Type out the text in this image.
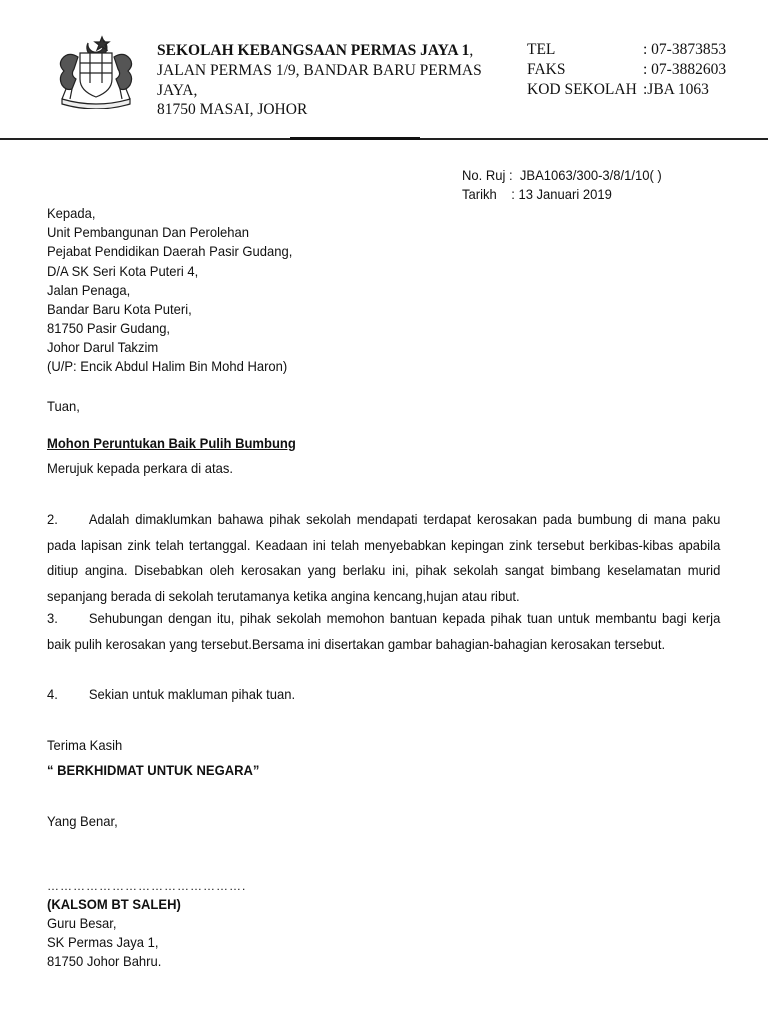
SEKOLAH KEBANGSAAN PERMAS JAYA 1,
JALAN PERMAS 1/9, BANDAR BARU PERMAS
JAYA,
81750 MASAI, JOHOR
TEL	: 07-3873853
FAKS	: 07-3882603
KOD SEKOLAH :JBA 1063
No. Ruj : JBA1063/300-3/8/1/10( )
Tarikh : 13 Januari 2019
Kepada,
Unit Pembangunan Dan Perolehan
Pejabat Pendidikan Daerah Pasir Gudang,
D/A SK Seri Kota Puteri 4,
Jalan Penaga,
Bandar Baru Kota Puteri,
81750 Pasir Gudang,
Johor Darul Takzim
(U/P: Encik Abdul Halim Bin Mohd Haron)
Tuan,
Mohon Peruntukan Baik Pulih Bumbung
Merujuk kepada perkara di atas.
2. Adalah dimaklumkan bahawa pihak sekolah mendapati terdapat kerosakan pada bumbung di mana paku pada lapisan zink telah tertanggal. Keadaan ini telah menyebabkan kepingan zink tersebut berkibas-kibas apabila ditiup angina. Disebabkan oleh kerosakan yang berlaku ini, pihak sekolah sangat bimbang keselamatan murid sepanjang berada di sekolah terutamanya ketika angina kencang,hujan atau ribut.
3. Sehubungan dengan itu, pihak sekolah memohon bantuan kepada pihak tuan untuk membantu bagi kerja baik pulih kerosakan yang tersebut.Bersama ini disertakan gambar bahagian-bahagian kerosakan tersebut.
4. Sekian untuk makluman pihak tuan.
Terima Kasih
“ BERKHIDMAT UNTUK NEGARA”
Yang Benar,
……………………………………….
(KALSOM BT SALEH)
Guru Besar,
SK Permas Jaya 1,
81750 Johor Bahru.
